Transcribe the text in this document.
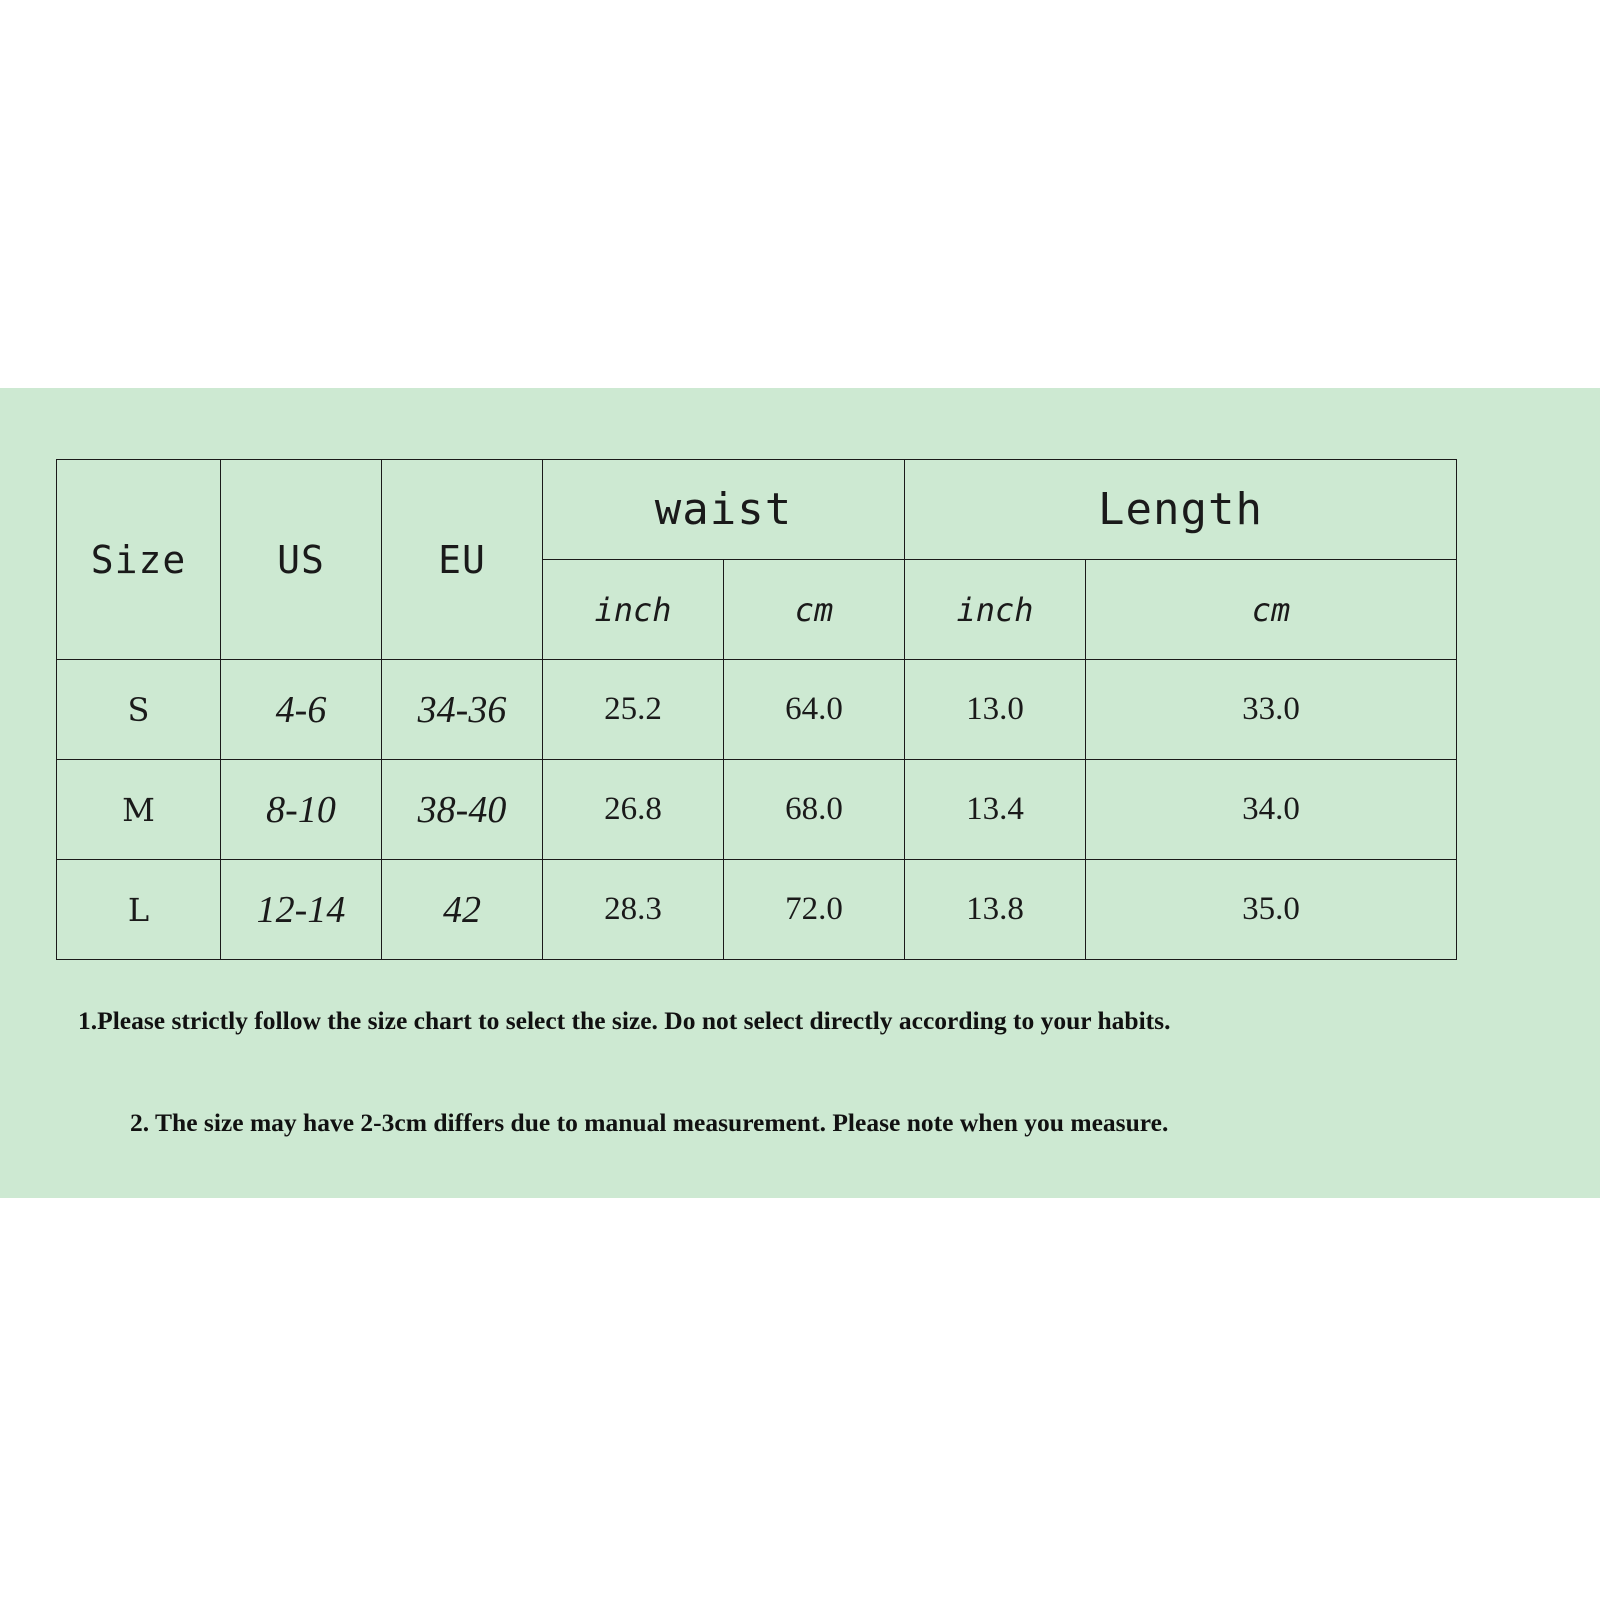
Size	US	EU	waist		Length	
			inch	cm	inch	cm
S	4-6	34-36	25.2	64.0	13.0	33.0
M	8-10	38-40	26.8	68.0	13.4	34.0
L	12-14	42	28.3	72.0	13.8	35.0
1.Please strictly follow the size chart to select the size. Do not select directly according to your habits.
2. The size may have 2-3cm differs due to manual measurement. Please note when you measure.
